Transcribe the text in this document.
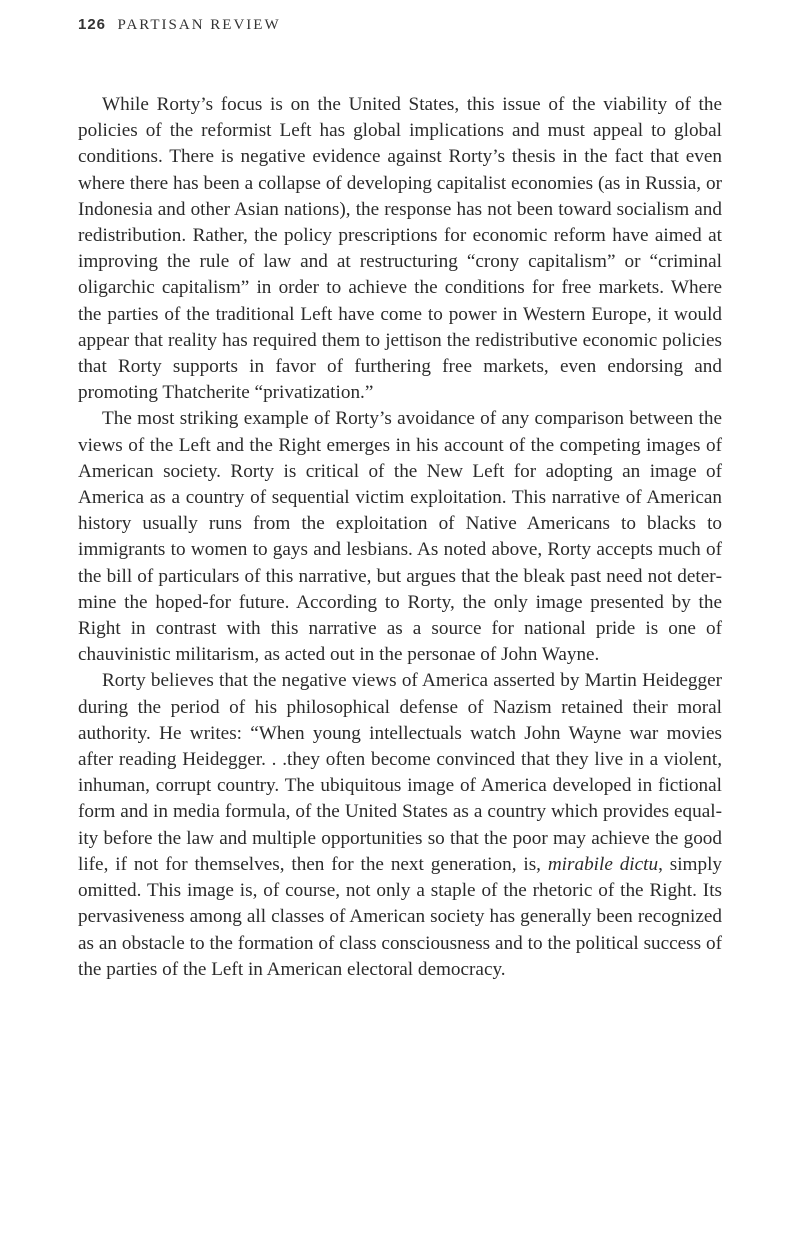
126 PARTISAN REVIEW

While Rorty’s focus is on the United States, this issue of the viability of the policies of the reformist Left has global implications and must appeal to global conditions. There is negative evidence against Rorty’s thesis in the fact that even where there has been a collapse of developing capitalist economies (as in Russia, or Indonesia and other Asian nations), the response has not been toward socialism and redistribution. Rather, the policy prescriptions for economic reform have aimed at improving the rule of law and at restructuring “crony capitalism” or “criminal oligarchic capitalism” in order to achieve the conditions for free markets. Where the parties of the traditional Left have come to power in Western Europe, it would appear that reality has required them to jettison the redistributive economic policies that Rorty supports in favor of furthering free markets, even endorsing and promoting Thatcherite “privatization.”

The most striking example of Rorty’s avoidance of any comparison between the views of the Left and the Right emerges in his account of the competing images of American society. Rorty is critical of the New Left for adopting an image of America as a country of sequential victim exploitation. This narrative of American history usually runs from the exploitation of Native Americans to blacks to immigrants to women to gays and lesbians. As noted above, Rorty accepts much of the bill of particulars of this narrative, but argues that the bleak past need not determine the hoped-for future. According to Rorty, the only image presented by the Right in contrast with this narrative as a source for national pride is one of chauvinistic militarism, as acted out in the personae of John Wayne.

Rorty believes that the negative views of America asserted by Martin Heidegger during the period of his philosophical defense of Nazism retained their moral authority. He writes: “When young intellectuals watch John Wayne war movies after reading Heidegger. . .they often become convinced that they live in a violent, inhuman, corrupt country. The ubiquitous image of America developed in fictional form and in media formula, of the United States as a country which provides equality before the law and multiple opportunities so that the poor may achieve the good life, if not for themselves, then for the next generation, is, mirabile dictu, simply omitted. This image is, of course, not only a staple of the rhetoric of the Right. Its pervasiveness among all classes of American society has generally been recognized as an obstacle to the formation of class consciousness and to the political success of the parties of the Left in American electoral democracy.
